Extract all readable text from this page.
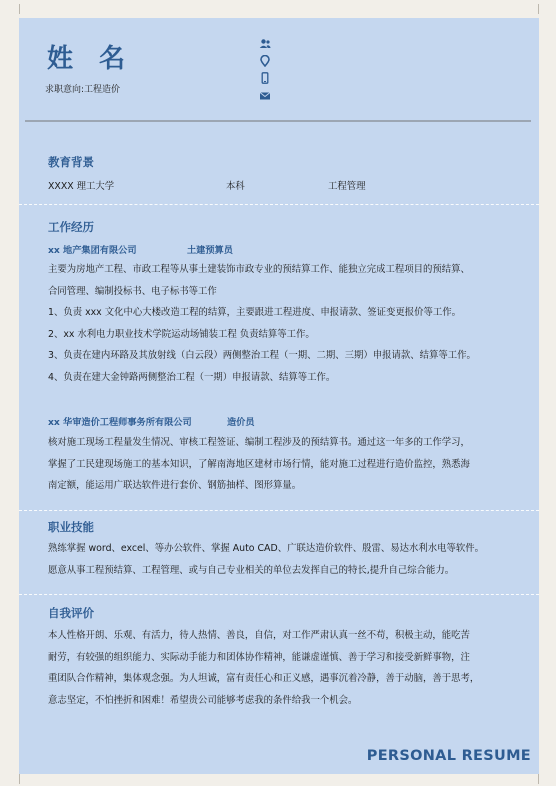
姓名
求职意向:工程造价
教育背景
XXXX 理工大学	本科	工程管理
工作经历
xx 地产集团有限公司	土建预算员
主要为房地产工程、市政工程等从事土建装饰市政专业的预结算工作、能独立完成工程项目的预结算、
合同管理、编制投标书、电子标书等工作
1、负责 xxx 文化中心大楼改造工程的结算，主要跟进工程进度、申报请款、签证变更报价等工作。
2、xx 水利电力职业技术学院运动场铺装工程 负责结算等工作。
3、负责在建内环路及其放射线（白云段）两侧整治工程（一期、二期、三期）申报请款、结算等工作。
4、负责在建大金钟路两侧整治工程（一期）申报请款、结算等工作。
xx 华审造价工程师事务所有限公司	造价员
核对施工现场工程量发生情况、审核工程签证、编制工程涉及的预结算书。通过这一年多的工作学习，
掌握了工民建现场施工的基本知识，了解南海地区建材市场行情，能对施工过程进行造价监控，熟悉海
南定额，能运用广联达软件进行套价、钢筋抽样、图形算量。
职业技能
熟练掌握 word、excel、等办公软件、掌握 Auto CAD、广联达造价软件、殷雷、易达水利水电等软件。
愿意从事工程预结算、工程管理、或与自己专业相关的单位去发挥自己的特长,提升自己综合能力。
自我评价
本人性格开朗、乐观、有活力，待人热情、善良，自信，对工作严肃认真一丝不苟，积极主动，能吃苦
耐劳，有较强的组织能力、实际动手能力和团体协作精神，能谦虚谨慎、善于学习和接受新鲜事物，注
重团队合作精神，集体观念强。为人坦诚，富有责任心和正义感，遇事沉着冷静，善于动脑，善于思考，
意志坚定，不怕挫折和困难！希望贵公司能够考虑我的条件给我一个机会。
PERSONAL RESUME
